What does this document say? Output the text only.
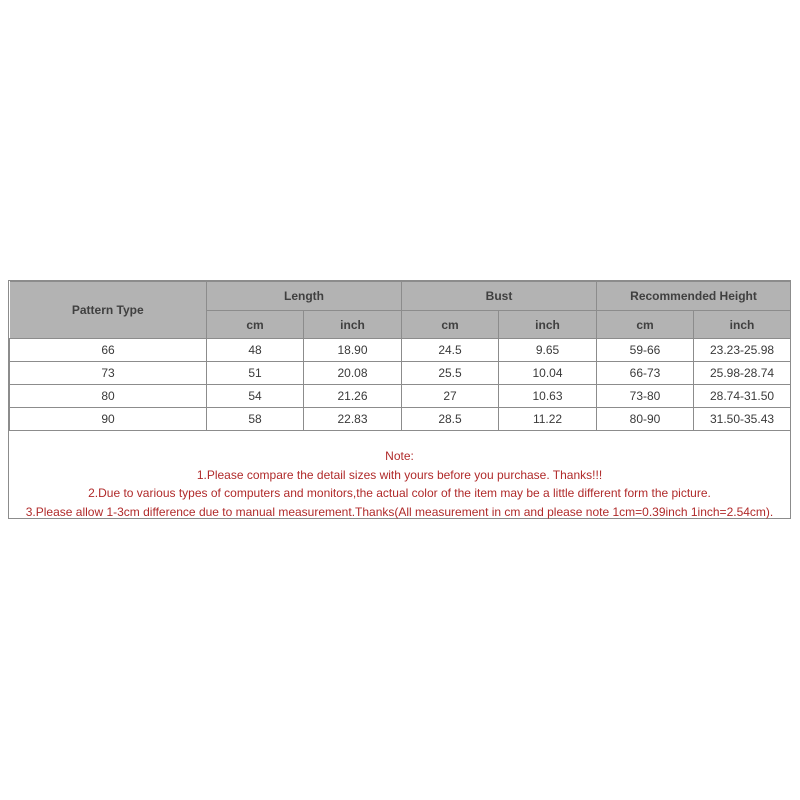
Pattern Type	Length		Bust		Recommended Height	
	cm	inch	cm	inch	cm	inch
66	48	18.90	24.5	9.65	59-66	23.23-25.98
73	51	20.08	25.5	10.04	66-73	25.98-28.74
80	54	21.26	27	10.63	73-80	28.74-31.50
90	58	22.83	28.5	11.22	80-90	31.50-35.43
Note:
1.Please compare the detail sizes with yours before you purchase. Thanks!!!
2.Due to various types of computers and monitors,the actual color of the item may be a little different form the picture.
3.Please allow 1-3cm difference due to manual measurement.Thanks(All measurement in cm and please note 1cm=0.39inch 1inch=2.54cm).
